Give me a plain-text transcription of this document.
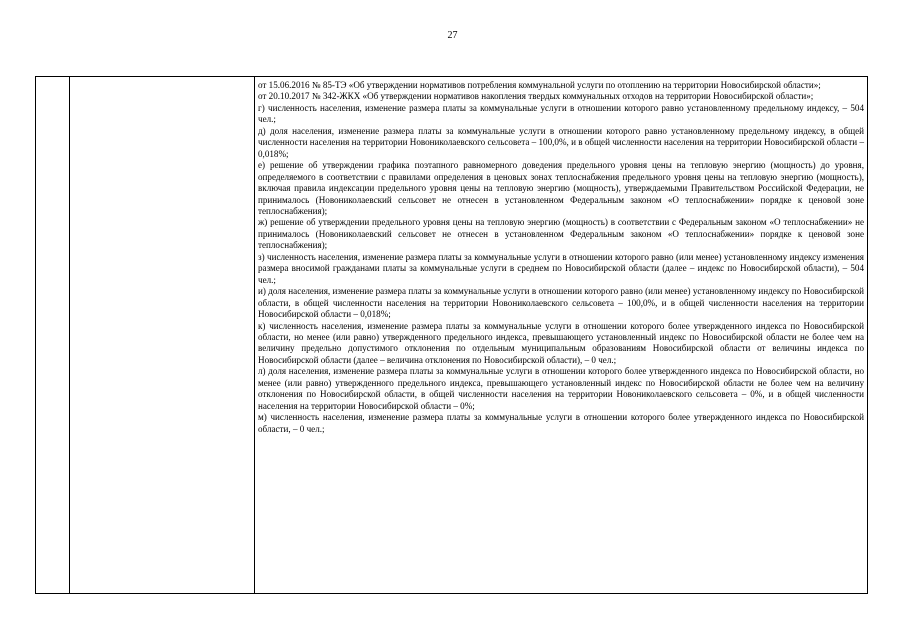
27

от 15.06.2016 № 85-ТЭ «Об утверждении нормативов потребления коммунальной услуги по отоплению на территории Новосибирской области»;

от 20.10.2017 № 342-ЖКХ «Об утверждении нормативов накопления твердых коммунальных отходов на территории Новосибирской области»;

г) численность населения, изменение размера платы за коммунальные услуги в отношении которого равно установленному предельному индексу, – 504 чел.;

д) доля населения, изменение размера платы за коммунальные услуги в отношении которого равно установленному предельному индексу, в общей численности населения на территории Новониколаевского сельсовета – 100,0%, и в общей численности населения на территории Новосибирской области – 0,018%;

е) решение об утверждении графика поэтапного равномерного доведения предельного уровня цены на тепловую энергию (мощность) до уровня, определяемого в соответствии с правилами определения в ценовых зонах теплоснабжения предельного уровня цены на тепловую энергию (мощность), включая правила индексации предельного уровня цены на тепловую энергию (мощность), утверждаемыми Правительством Российской Федерации, не принималось (Новониколаевский сельсовет не отнесен в установленном Федеральным законом «О теплоснабжении» порядке к ценовой зоне теплоснабжения);

ж) решение об утверждении предельного уровня цены на тепловую энергию (мощность) в соответствии с Федеральным законом «О теплоснабжении» не принималось (Новониколаевский сельсовет не отнесен в установленном Федеральным законом «О теплоснабжении» порядке к ценовой зоне теплоснабжения);

з) численность населения, изменение размера платы за коммунальные услуги в отношении которого равно (или менее) установленному индексу изменения размера вносимой гражданами платы за коммунальные услуги в среднем по Новосибирской области (далее – индекс по Новосибирской области), – 504 чел.;

и) доля населения, изменение размера платы за коммунальные услуги в отношении которого равно (или менее) установленному индексу по Новосибирской области, в общей численности населения на территории Новониколаевского сельсовета – 100,0%, и в общей численности населения на территории Новосибирской области – 0,018%;

к) численность населения, изменение размера платы за коммунальные услуги в отношении которого более утвержденного индекса по Новосибирской области, но менее (или равно) утвержденного предельного индекса, превышающего установленный индекс по Новосибирской области не более чем на величину предельно допустимого отклонения по отдельным муниципальным образованиям Новосибирской области от величины индекса по Новосибирской области (далее – величина отклонения по Новосибирской области), – 0 чел.;

л) доля населения, изменение размера платы за коммунальные услуги в отношении которого более утвержденного индекса по Новосибирской области, но менее (или равно) утвержденного предельного индекса, превышающего установленный индекс по Новосибирской области не более чем на величину отклонения по Новосибирской области, в общей численности населения на территории Новониколаевского сельсовета – 0%, и в общей численности населения на территории Новосибирской области – 0%;

м) численность населения, изменение размера платы за коммунальные услуги в отношении которого более утвержденного индекса по Новосибирской области, – 0 чел.;
